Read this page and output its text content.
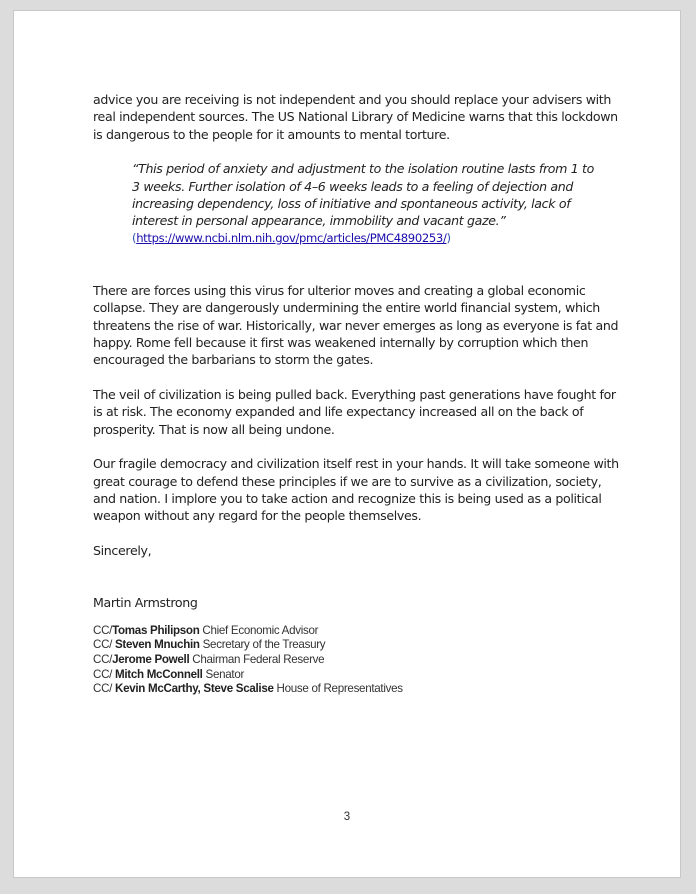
advice you are receiving is not independent and you should replace your advisers with real independent sources. The US National Library of Medicine warns that this lockdown is dangerous to the people for it amounts to mental torture.

“This period of anxiety and adjustment to the isolation routine lasts from 1 to 3 weeks. Further isolation of 4–6 weeks leads to a feeling of dejection and increasing dependency, loss of initiative and spontaneous activity, lack of interest in personal appearance, immobility and vacant gaze.”

(https://www.ncbi.nlm.nih.gov/pmc/articles/PMC4890253/)

There are forces using this virus for ulterior moves and creating a global economic collapse. They are dangerously undermining the entire world financial system, which threatens the rise of war. Historically, war never emerges as long as everyone is fat and happy. Rome fell because it first was weakened internally by corruption which then encouraged the barbarians to storm the gates.

The veil of civilization is being pulled back. Everything past generations have fought for is at risk. The economy expanded and life expectancy increased all on the back of prosperity. That is now all being undone.

Our fragile democracy and civilization itself rest in your hands. It will take someone with great courage to defend these principles if we are to survive as a civilization, society, and nation. I implore you to take action and recognize this is being used as a political weapon without any regard for the people themselves.

Sincerely,

Martin Armstrong

CC/Tomas Philipson Chief Economic Advisor
CC/ Steven Mnuchin Secretary of the Treasury
CC/Jerome Powell Chairman Federal Reserve
CC/ Mitch McConnell Senator
CC/ Kevin McCarthy, Steve Scalise House of Representatives
3
